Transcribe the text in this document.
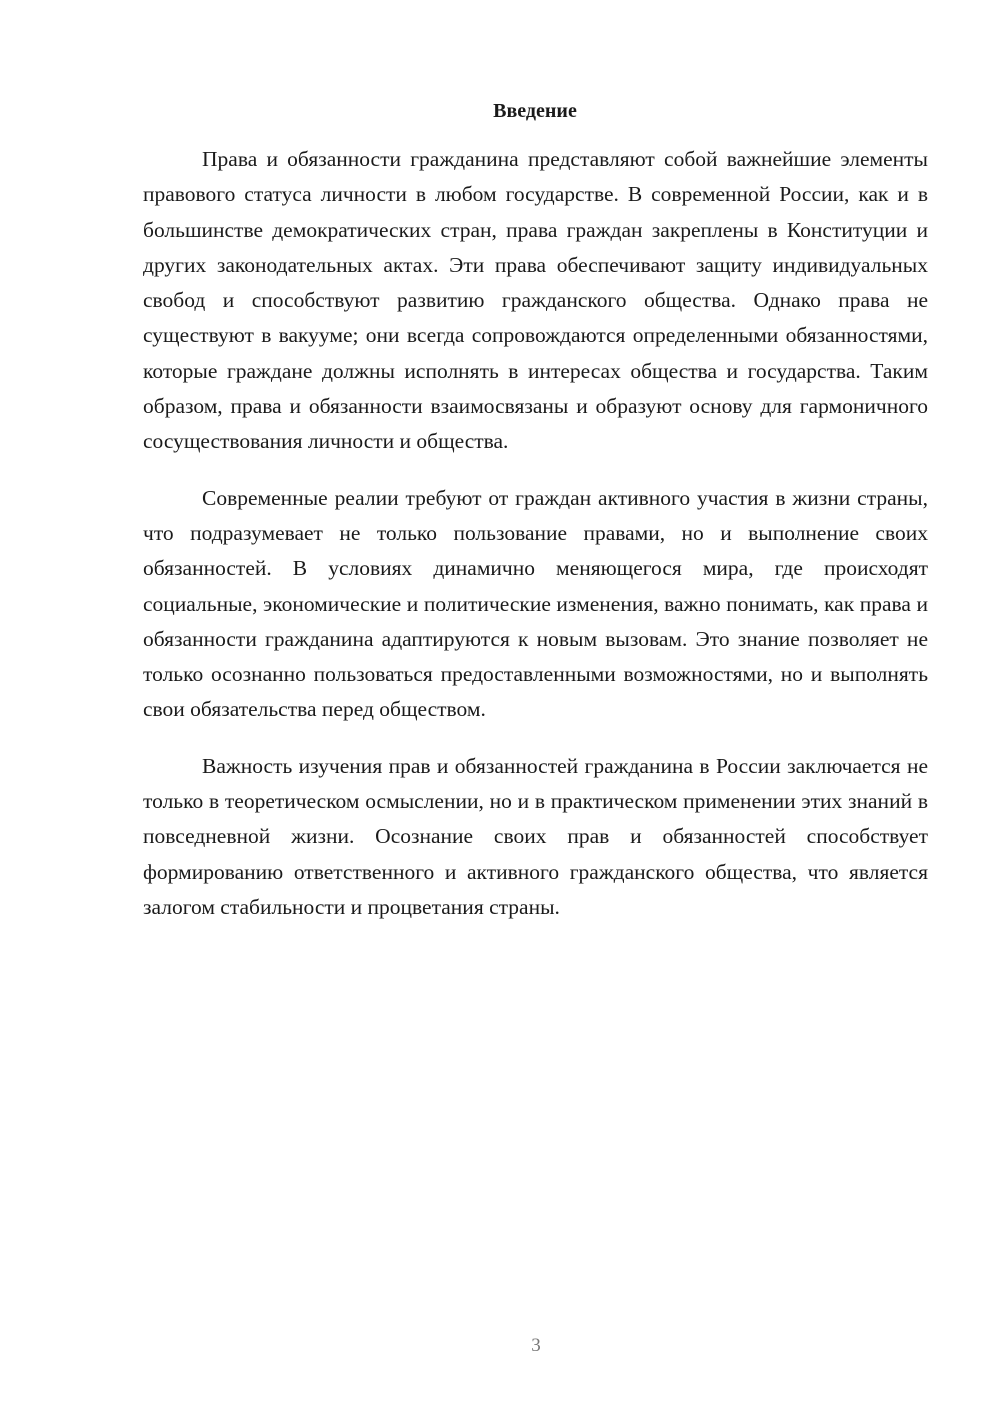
Введение

Права и обязанности гражданина представляют собой важнейшие элементы правового статуса личности в любом государстве. В современной России, как и в большинстве демократических стран, права граждан закреплены в Конституции и других законодательных актах. Эти права обеспечивают защиту индивидуальных свобод и способствуют развитию гражданского общества. Однако права не существуют в вакууме; они всегда сопровождаются определенными обязанностями, которые граждане должны исполнять в интересах общества и государства. Таким образом, права и обязанности взаимосвязаны и образуют основу для гармоничного сосуществования личности и общества.

Современные реалии требуют от граждан активного участия в жизни страны, что подразумевает не только пользование правами, но и выполнение своих обязанностей. В условиях динамично меняющегося мира, где происходят социальные, экономические и политические изменения, важно понимать, как права и обязанности гражданина адаптируются к новым вызовам. Это знание позволяет не только осознанно пользоваться предоставленными возможностями, но и выполнять свои обязательства перед обществом.

Важность изучения прав и обязанностей гражданина в России заключается не только в теоретическом осмыслении, но и в практическом применении этих знаний в повседневной жизни. Осознание своих прав и обязанностей способствует формированию ответственного и активного гражданского общества, что является залогом стабильности и процветания страны.

3
